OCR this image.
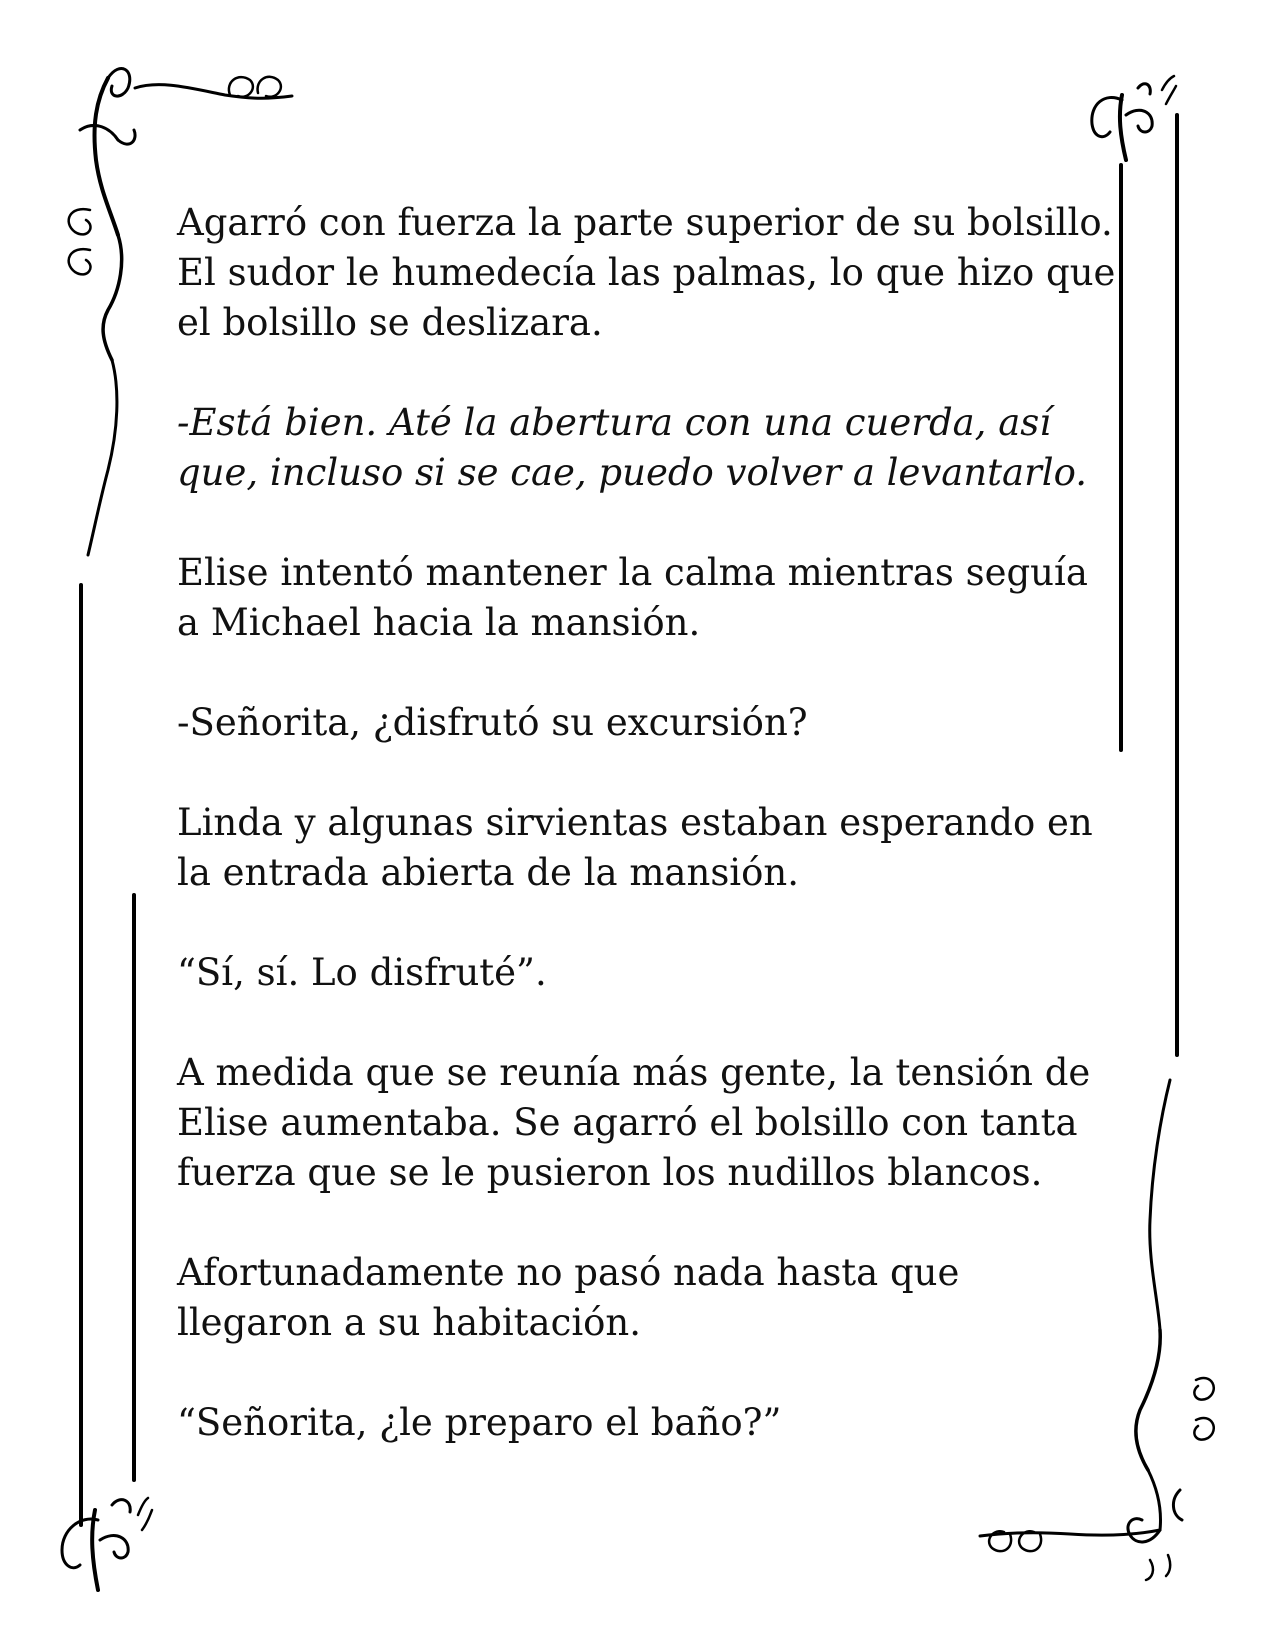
Agarró con fuerza la parte superior de su bolsillo. El sudor le humedecía las palmas, lo que hizo que el bolsillo se deslizara.

-Está bien. Até la abertura con una cuerda, así que, incluso si se cae, puedo volver a levantarlo.

Elise intentó mantener la calma mientras seguía a Michael hacia la mansión.

-Señorita, ¿disfrutó su excursión?

Linda y algunas sirvientas estaban esperando en la entrada abierta de la mansión.

“Sí, sí. Lo disfruté”.

A medida que se reunía más gente, la tensión de Elise aumentaba. Se agarró el bolsillo con tanta fuerza que se le pusieron los nudillos blancos.

Afortunadamente no pasó nada hasta que llegaron a su habitación.

“Señorita, ¿le preparo el baño?”
